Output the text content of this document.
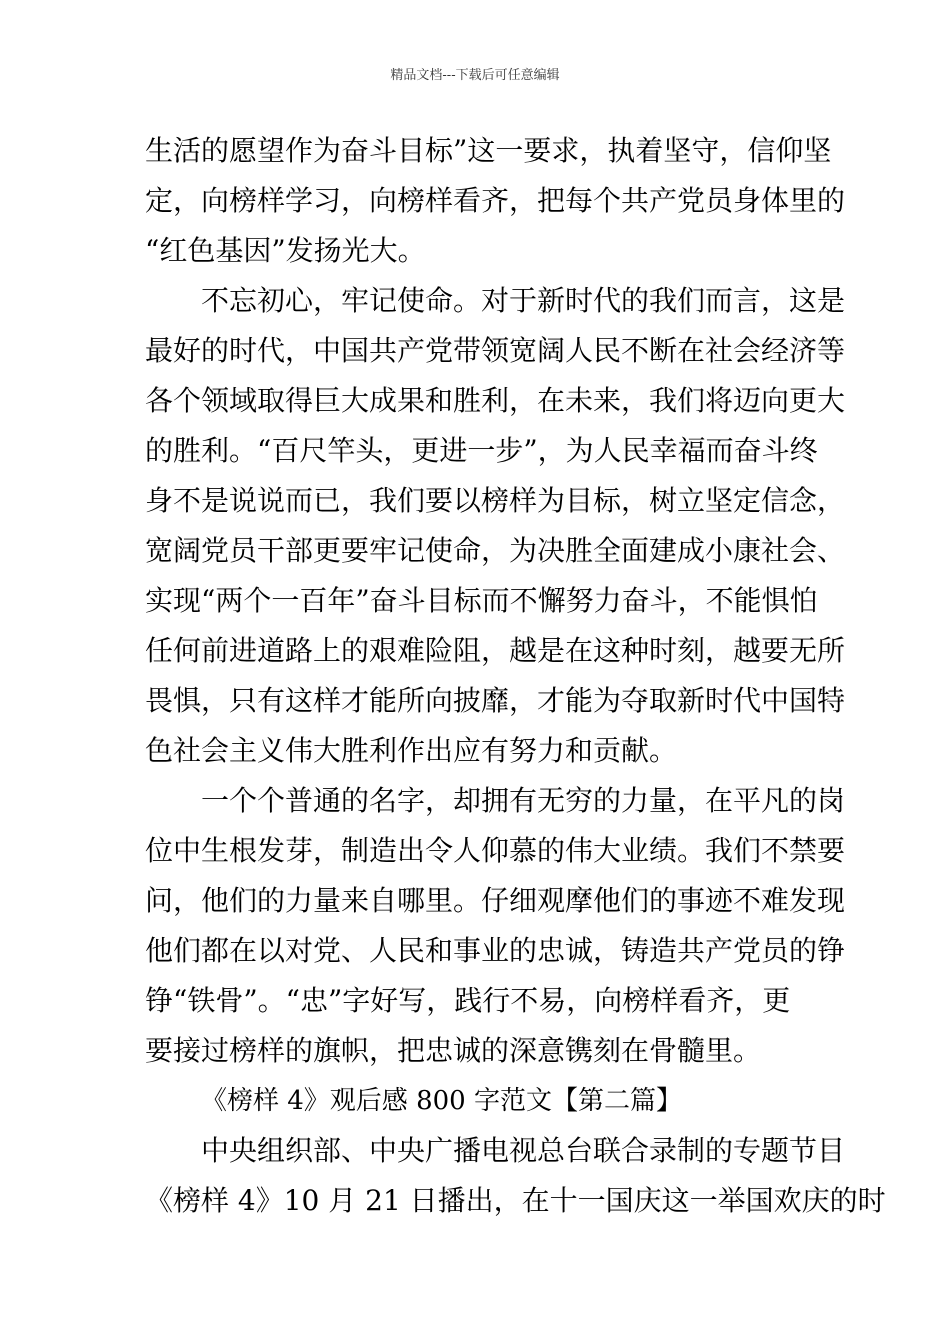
精品文档---下载后可任意编辑
生活的愿望作为奋斗目标”这一要求，执着坚守，信仰坚
定，向榜样学习，向榜样看齐，把每个共产党员身体里的
“红色基因”发扬光大。
不忘初心，牢记使命。对于新时代的我们而言，这是
最好的时代，中国共产党带领宽阔人民不断在社会经济等
各个领域取得巨大成果和胜利，在未来，我们将迈向更大
的胜利。“百尺竿头，更进一步”，为人民幸福而奋斗终
身不是说说而已，我们要以榜样为目标，树立坚定信念，
宽阔党员干部更要牢记使命，为决胜全面建成小康社会、
实现“两个一百年”奋斗目标而不懈努力奋斗，不能惧怕
任何前进道路上的艰难险阻，越是在这种时刻，越要无所
畏惧，只有这样才能所向披靡，才能为夺取新时代中国特
色社会主义伟大胜利作出应有努力和贡献。
一个个普通的名字，却拥有无穷的力量，在平凡的岗
位中生根发芽，制造出令人仰慕的伟大业绩。我们不禁要
问，他们的力量来自哪里。仔细观摩他们的事迹不难发现
他们都在以对党、人民和事业的忠诚，铸造共产党员的铮
铮“铁骨”。“忠”字好写，践行不易，向榜样看齐，更
要接过榜样的旗帜，把忠诚的深意镌刻在骨髓里。
《榜样 4》观后感 800 字范文【第二篇】
中央组织部、中央广播电视总台联合录制的专题节目
《榜样 4》10 月 21 日播出，在十一国庆这一举国欢庆的时
